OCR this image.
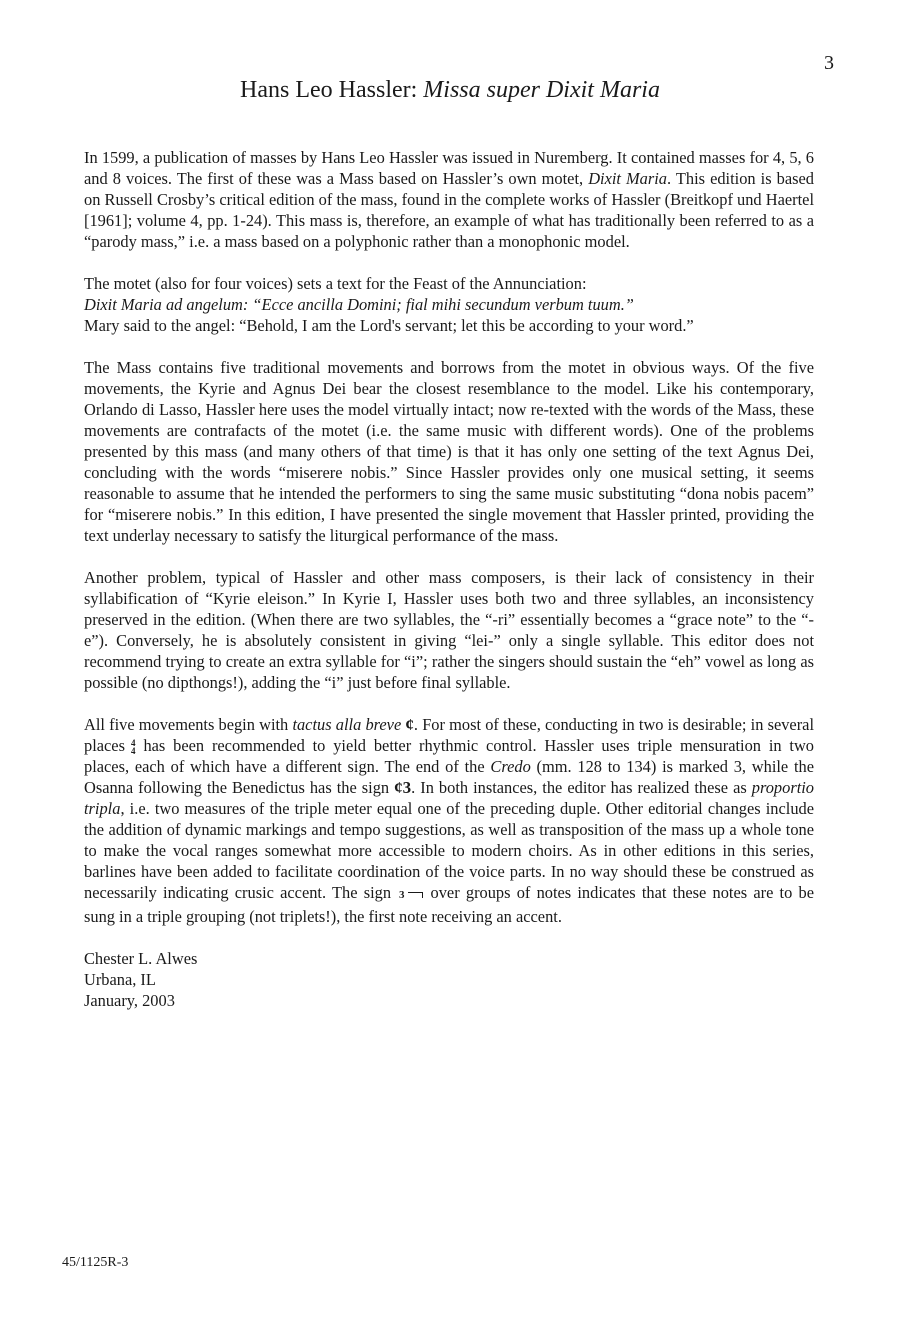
3
Hans Leo Hassler: Missa super Dixit Maria

In 1599, a publication of masses by Hans Leo Hassler was issued in Nuremberg. It contained masses for 4, 5, 6 and 8 voices. The first of these was a Mass based on Hassler’s own motet, Dixit Maria. This edition is based on Russell Crosby’s critical edition of the mass, found in the complete works of Hassler (Breitkopf und Haertel [1961]; volume 4, pp. 1-24). This mass is, therefore, an example of what has traditionally been referred to as a “parody mass,” i.e. a mass based on a polyphonic rather than a monophonic model.

The motet (also for four voices) sets a text for the Feast of the Annunciation:
Dixit Maria ad angelum: “Ecce ancilla Domini; fial mihi secundum verbum tuum.”
Mary said to the angel: “Behold, I am the Lord's servant; let this be according to your word.”

The Mass contains five traditional movements and borrows from the motet in obvious ways. Of the five movements, the Kyrie and Agnus Dei bear the closest resemblance to the model. Like his contemporary, Orlando di Lasso, Hassler here uses the model virtually intact; now re-texted with the words of the Mass, these movements are contrafacts of the motet (i.e. the same music with different words). One of the problems presented by this mass (and many others of that time) is that it has only one setting of the text Agnus Dei, concluding with the words “miserere nobis.” Since Hassler provides only one musical setting, it seems reasonable to assume that he intended the performers to sing the same music substituting “dona nobis pacem” for “miserere nobis.” In this edition, I have presented the single movement that Hassler printed, providing the text underlay necessary to satisfy the liturgical performance of the mass.

Another problem, typical of Hassler and other mass composers, is their lack of consistency in their syllabification of “Kyrie eleison.” In Kyrie I, Hassler uses both two and three syllables, an inconsistency preserved in the edition. (When there are two syllables, the “-ri” essentially becomes a “grace note” to the “-e”). Conversely, he is absolutely consistent in giving “lei-” only a single syllable. This editor does not recommend trying to create an extra syllable for “i”; rather the singers should sustain the “eh” vowel as long as possible (no dipthongs!), adding the “i” just before final syllable.

All five movements begin with tactus alla breve ¢. For most of these, conducting in two is desirable; in several places 4
4 has been recommended to yield better rhythmic control. Hassler uses triple mensuration in two places, each of which have a different sign. The end of the Credo (mm. 128 to 134) is marked 3, while the Osanna following the Benedictus has the sign ¢3. In both instances, the editor has realized these as proportio tripla, i.e. two measures of the triple meter equal one of the preceding duple. Other editorial changes include the addition of dynamic markings and tempo suggestions, as well as transposition of the mass up a whole tone to make the vocal ranges somewhat more accessible to modern choirs. As in other editions in this series, barlines have been added to facilitate coordination of the voice parts. In no way should these be construed as necessarily indicating crusic accent. The sign 3 over groups of notes indicates that these notes are to be sung in a triple grouping (not triplets!), the first note receiving an accent.

Chester L. Alwes
Urbana, IL
January, 2003
45/1125R-3
